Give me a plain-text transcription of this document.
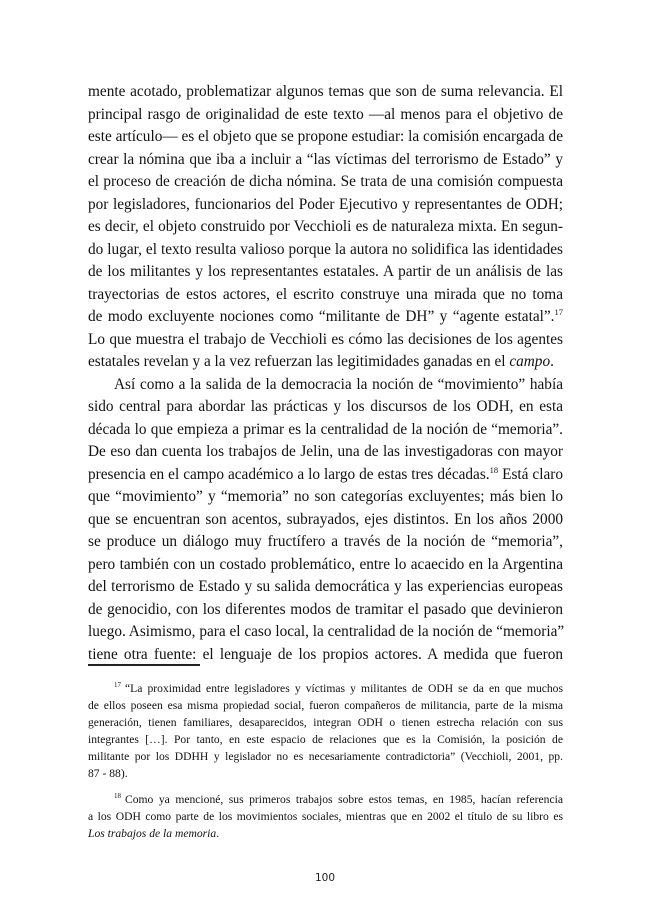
mente acotado, problematizar algunos temas que son de suma relevancia. El
principal rasgo de originalidad de este texto —al menos para el objetivo de
este artículo— es el objeto que se propone estudiar: la comisión encargada de
crear la nómina que iba a incluir a “las víctimas del terrorismo de Estado” y
el proceso de creación de dicha nómina. Se trata de una comisión compuesta
por legisladores, funcionarios del Poder Ejecutivo y representantes de ODH;
es decir, el objeto construido por Vecchioli es de naturaleza mixta. En segun-
do lugar, el texto resulta valioso porque la autora no solidifica las identidades
de los militantes y los representantes estatales. A partir de un análisis de las
trayectorias de estos actores, el escrito construye una mirada que no toma
de modo excluyente nociones como “militante de DH” y “agente estatal”.$^{17}$
Lo que muestra el trabajo de Vecchioli es cómo las decisiones de los agentes
estatales revelan y a la vez refuerzan las legitimidades ganadas en el campo.
Así como a la salida de la democracia la noción de “movimiento” había
sido central para abordar las prácticas y los discursos de los ODH, en esta
década lo que empieza a primar es la centralidad de la noción de “memoria”.
De eso dan cuenta los trabajos de Jelin, una de las investigadoras con mayor
presencia en el campo académico a lo largo de estas tres décadas.$^{18}$ Está claro
que “movimiento” y “memoria” no son categorías excluyentes; más bien lo
que se encuentran son acentos, subrayados, ejes distintos. En los años 2000
se produce un diálogo muy fructífero a través de la noción de “memoria”,
pero también con un costado problemático, entre lo acaecido en la Argentina
del terrorismo de Estado y su salida democrática y las experiencias europeas
de genocidio, con los diferentes modos de tramitar el pasado que devinieron
luego. Asimismo, para el caso local, la centralidad de la noción de “memoria”
tiene otra fuente: el lenguaje de los propios actores. A medida que fueron
$^{17}$ “La proximidad entre legisladores y víctimas y militantes de ODH se da en que muchos
de ellos poseen esa misma propiedad social, fueron compañeros de militancia, parte de la misma
generación, tienen familiares, desaparecidos, integran ODH o tienen estrecha relación con sus
integrantes […]. Por tanto, en este espacio de relaciones que es la Comisión, la posición de
militante por los DDHH y legislador no es necesariamente contradictoria” (Vecchioli, 2001, pp.
87 - 88).
$^{18}$ Como ya mencioné, sus primeros trabajos sobre estos temas, en 1985, hacían referencia
a los ODH como parte de los movimientos sociales, mientras que en 2002 el título de su libro es
Los trabajos de la memoria.
100
